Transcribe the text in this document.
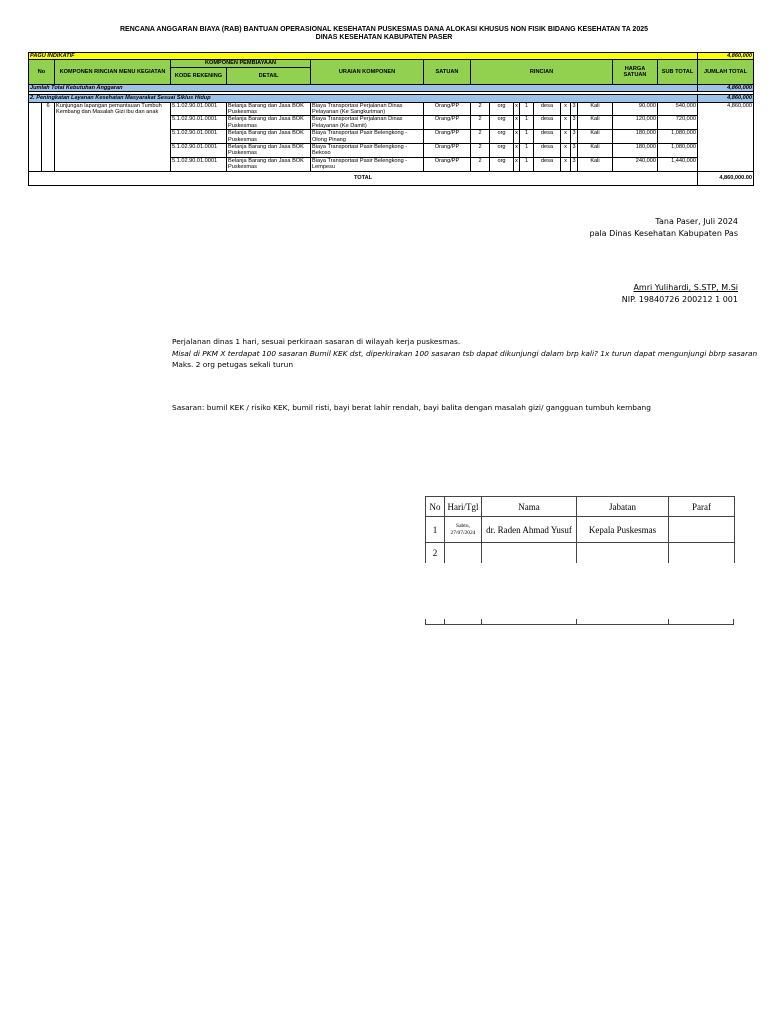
RENCANA ANGGARAN BIAYA (RAB) BANTUAN OPERASIONAL KESEHATAN PUSKESMAS DANA ALOKASI KHUSUS NON FISIK BIDANG KESEHATAN TA 2025
DINAS KESEHATAN KABUPATEN PASER
PAGU INDIKATIF																	4,860,000
No		KOMPONEN RINCIAN MENU KEGIATAN	KOMPONEN PEMBIAYAAN		URAIAN KOMPONEN	SATUAN	RINCIAN								HARGA SATUAN	SUB TOTAL	JUMLAH TOTAL
			KODE REKENING	DETAIL													
Jumlah Total Kebutuhan Anggaran																	4,860,000

2. Peningkatan Layanan Kesehatan Masyarakat Sesuai Siklus Hidup																	4,860,000
	6	Kunjungan lapangan pemantauan Tumbuh Kembang dan Masalah Gizi ibu dan anak	5.1.02.90.01.0001	Belanja Barang dan Jasa BOK Puskesmas	Biaya Transportasi Perjalanan Dinas Pelayanan (Ke Sangkuriman)	Orang/PP	2	org	x	1	desa	x	3	Kali	90,000	540,000	4,860,000
			5.1.02.90.01.0001	Belanja Barang dan Jasa BOK Puskesmas	Biaya Transportasi Perjalanan Dinas Pelayanan (Ke Damit)	Orang/PP	2	org	x	1	desa	x	3	Kali	120,000	720,000	
			5.1.02.90.01.0001	Belanja Barang dan Jasa BOK Puskesmas	Biaya Transportasi Pasir Belengkong - Olong Pinang	Orang/PP	2	org	x	1	desa	x	3	Kali	180,000	1,080,000	
			5.1.02.90.01.0001	Belanja Barang dan Jasa BOK Puskesmas	Biaya Transportasi Pasir Belengkong - Bekoso	Orang/PP	2	org	x	1	desa	x	3	Kali	180,000	1,080,000	
			5.1.02.90.01.0001	Belanja Barang dan Jasa BOK Puskesmas	Biaya Transportasi Pasir Belengkong - Lempesu	Orang/PP	2	org	x	1	desa	x	3	Kali	240,000	1,440,000	
TOTAL																	4,860,000.00
Tana Paser, Juli 2024
pala Dinas Kesehatan Kabupaten Pas
Amri Yulihardi, S.STP, M.Si
NIP. 19840726 200212 1 001
Perjalanan dinas 1 hari, sesuai perkiraan sasaran di wilayah kerja puskesmas.
Misal di PKM X terdapat 100 sasaran Bumil KEK dst, diperkirakan 100 sasaran tsb dapat dikunjungi dalam brp kali? 1x turun dapat mengunjungi bbrp sasaran
Maks. 2 org petugas sekali turun
Sasaran: bumil KEK / risiko KEK, bumil risti, bayi berat lahir rendah, bayi balita dengan masalah gizi/ gangguan tumbuh kembang
No	Hari/Tgl	Nama	Jabatan	Paraf
1	Sabtu, 27/07/2024	dr. Raden Ahmad Yusuf	Kepala Puskesmas	
2				
